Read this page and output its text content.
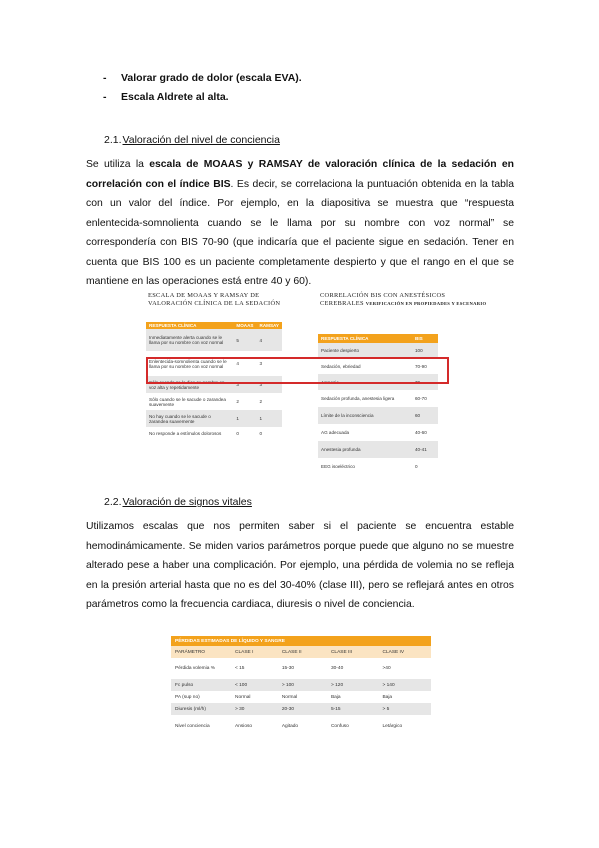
- Valorar grado de dolor (escala EVA).
- Escala Aldrete al alta.
2.1.Valoración del nivel de conciencia
Se utiliza la escala de MOAAS y RAMSAY de valoración clínica de la sedación en correlación con el índice BIS. Es decir, se correlaciona la puntuación obtenida en la tabla con un valor del índice. Por ejemplo, en la diapositiva se muestra que “respuesta enlentecida-somnolienta cuando se le llama por su nombre con voz normal” se correspondería con BIS 70-90 (que indicaría que el paciente sigue en sedación. Tener en cuenta que BIS 100 es un paciente completamente despierto y que el rango en el que se mantiene en las operaciones está entre 40 y 60).
ESCALA DE MOAAS Y RAMSAY DE
VALORACIÓN CLÍNICA DE LA SEDACIÓN
CORRELACIÓN BIS CON ANESTÉSICOS
CEREBRALES VERIFICACIÓN EN PROPIEDADES Y ESCENARIO
RESPUESTA CLÍNICA	MOAAS	RAMSAY
Inmediatamente alerta cuando se le llama por su nombre con voz normal	5	4
Enlentecida-somnolienta cuando se le llama por su nombre con voz normal	4	3
Sólo cuando se le dice su nombre en voz alta y repetidamente	3	3
Sólo cuando se le sacude o zarandea suavemente	2	2
No hay cuando se le sacude o zarandea suavemente	1	1
No responde a estímulos dolorosos	0	0
RESPUESTA CLÍNICA	BIS
Paciente despierto	100
Sedación, ebriedad	70-90
Amnesia	70
Sedación profunda, anestesia ligera	60-70
Límite de la inconsciencia	60
AG adecuada	40-60
Anestesia profunda	40-41
EEG isoeléctrico	0
2.2.Valoración de signos vitales
Utilizamos escalas que nos permiten saber si el paciente se encuentra estable hemodinámicamente. Se miden varios parámetros porque puede que alguno no se muestre alterado pese a haber una complicación. Por ejemplo, una pérdida de volemia no se refleja en la presión arterial hasta que no es del 30-40% (clase III), pero se reflejará antes en otros parámetros como la frecuencia cardiaca, diuresis o nivel de conciencia.
PÉRDIDAS ESTIMADAS DE LÍQUIDO Y SANGRE				
PARÁMETRO	CLASE I	CLASE II	CLASE III	CLASE IV
Pérdida volemia %	< 15	15-30	30-40	>40
Fc pulso	< 100	> 100	> 120	> 140
PA (sup no)	Normal	Normal	Baja	Baja
Diuresis (ml/h)	> 30	20-30	5-15	> 5
Nivel conciencia	Ansioso	Agitado	Confuso	Letárgico
